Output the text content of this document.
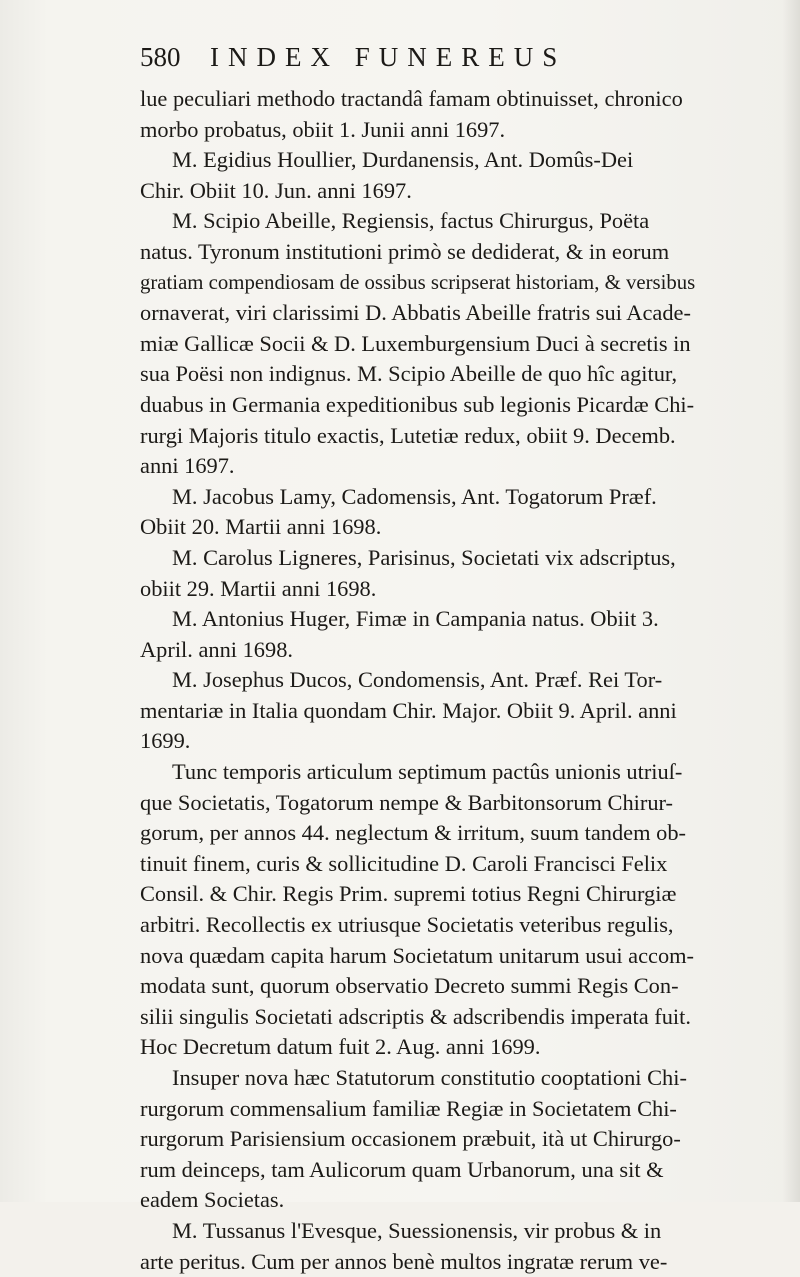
580	INDEX FUNEREUS
lue peculiari methodo tractandâ famam obtinuisset, chronico
morbo probatus, obiit 1. Junii anni 1697.
M. Egidius Houllier, Durdanensis, Ant. Domûs-Dei
Chir. Obiit 10. Jun. anni 1697.
M. Scipio Abeille, Regiensis, factus Chirurgus, Poëta
natus. Tyronum institutioni primò se dediderat, & in eorum
gratiam compendiosam de ossibus scripserat historiam, & versibus
ornaverat, viri clarissimi D. Abbatis Abeille fratris sui Acade-
miæ Gallicæ Socii & D. Luxemburgensium Duci à secretis in
sua Poësi non indignus. M. Scipio Abeille de quo hîc agitur,
duabus in Germania expeditionibus sub legionis Picardæ Chi-
rurgi Majoris titulo exactis, Lutetiæ redux, obiit 9. Decemb.
anni 1697.
M. Jacobus Lamy, Cadomensis, Ant. Togatorum Præf.
Obiit 20. Martii anni 1698.
M. Carolus Ligneres, Parisinus, Societati vix adscriptus,
obiit 29. Martii anni 1698.
M. Antonius Huger, Fimæ in Campania natus. Obiit 3.
April. anni 1698.
M. Josephus Ducos, Condomensis, Ant. Præf. Rei Tor-
mentariæ in Italia quondam Chir. Major. Obiit 9. April. anni
1699.
Tunc temporis articulum septimum pactûs unionis utriuſ-
que Societatis, Togatorum nempe & Barbitonsorum Chirur-
gorum, per annos 44. neglectum & irritum, suum tandem ob-
tinuit finem, curis & sollicitudine D. Caroli Francisci Felix
Consil. & Chir. Regis Prim. supremi totius Regni Chirurgiæ
arbitri. Recollectis ex utriusque Societatis veteribus regulis,
nova quædam capita harum Societatum unitarum usui accom-
modata sunt, quorum observatio Decreto summi Regis Con-
silii singulis Societati adscriptis & adscribendis imperata fuit.
Hoc Decretum datum fuit 2. Aug. anni 1699.
Insuper nova hæc Statutorum constitutio cooptationi Chi-
rurgorum commensalium familiæ Regiæ in Societatem Chi-
rurgorum Parisiensium occasionem præbuit, ità ut Chirurgo-
rum deinceps, tam Aulicorum quam Urbanorum, una sit &
eadem Societas.
M. Tussanus l'Evesque, Suessionensis, vir probus & in
arte peritus. Cum per annos benè multos ingratæ rerum ve-
